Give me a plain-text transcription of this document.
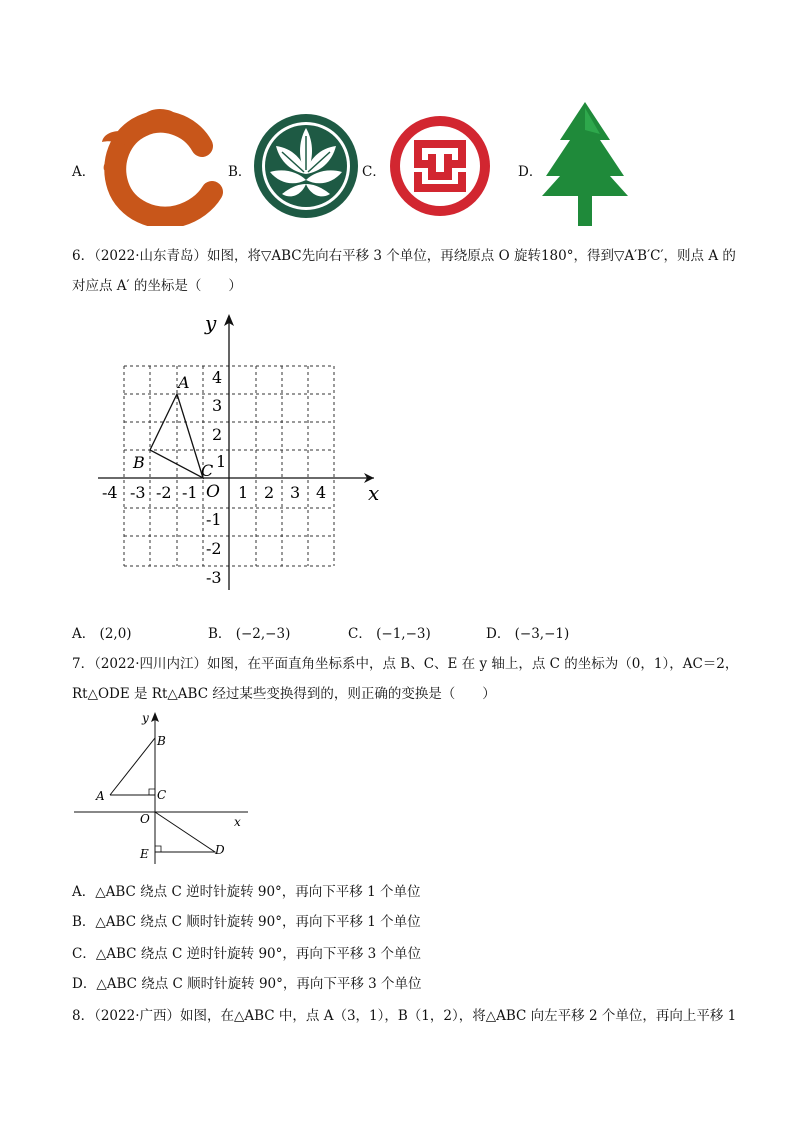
A．	B．	C．	D．
6．（2022·山东青岛）如图，将▽ABC先向右平移 3 个单位，再绕原点 O 旋转180°，得到▽A′B′C′，则点 A 的
对应点 A′ 的坐标是（　　）
y
x
O
A
B	C
-4 -3 -2 -1	1 2 3 4
4
3
2
1
-1
-2
-3
A． (2,0)	B． (−2,−3)	C． (−1,−3)	D． (−3,−1)
7．（2022·四川内江）如图，在平面直角坐标系中，点 B、C、E 在 y 轴上，点 C 的坐标为（0，1），AC＝2，
Rt△ODE 是 Rt△ABC 经过某些变换得到的，则正确的变换是（　　）
y
x
O
A
B
C
D
E
A．△ABC 绕点 C 逆时针旋转 90°，再向下平移 1 个单位
B．△ABC 绕点 C 顺时针旋转 90°，再向下平移 1 个单位
C．△ABC 绕点 C 逆时针旋转 90°，再向下平移 3 个单位
D．△ABC 绕点 C 顺时针旋转 90°，再向下平移 3 个单位
8．（2022·广西）如图，在△ABC 中，点 A（3，1），B（1，2），将△ABC 向左平移 2 个单位，再向上平移 1
